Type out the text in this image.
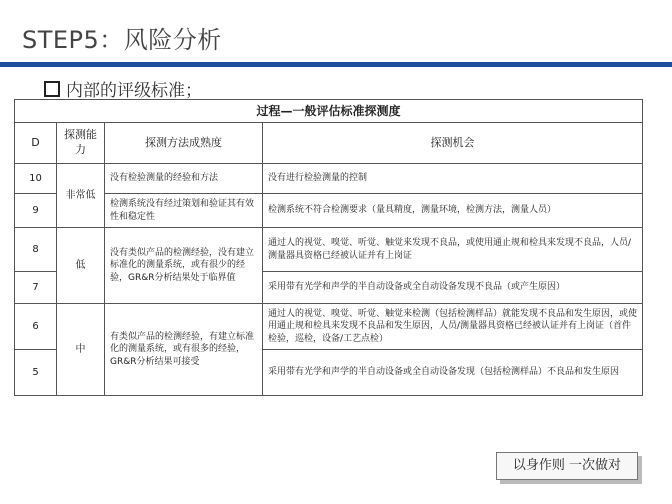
STEP5：风险分析
内部的评级标准；
过程—一般评估标准探测度			
D	探测能力	探测方法成熟度	探测机会
10	非常低	没有检验测量的经验和方法	没有进行检验测量的控制
9		检测系统没有经过策划和验证其有效性和稳定性	检测系统不符合检测要求（量具精度，测量环境，检测方法，测量人员）
8	低	没有类似产品的检测经验，没有建立标准化的测量系统，或有很少的经验，GR&R分析结果处于临界值	通过人的视觉、嗅觉、听觉、触觉来发现不良品，或使用通止规和检具来发现不良品，人员/测量器具资格已经被认证并有上岗证
7			采用带有光学和声学的半自动设备或全自动设备发现不良品（或产生原因）
6	中	有类似产品的检测经验，有建立标准化的测量系统，或有很多的经验，GR&R分析结果可接受	通过人的视觉、嗅觉、听觉、触觉来检测（包括检测样品）就能发现不良品和发生原因，或使用通止规和检具来发现不良品和发生原因，人员/测量器具资格已经被认证并有上岗证（首件检验，巡检，设备/工艺点检）
5			采用带有光学和声学的半自动设备或全自动设备发现（包括检测样品）不良品和发生原因
以身作则 一次做对
